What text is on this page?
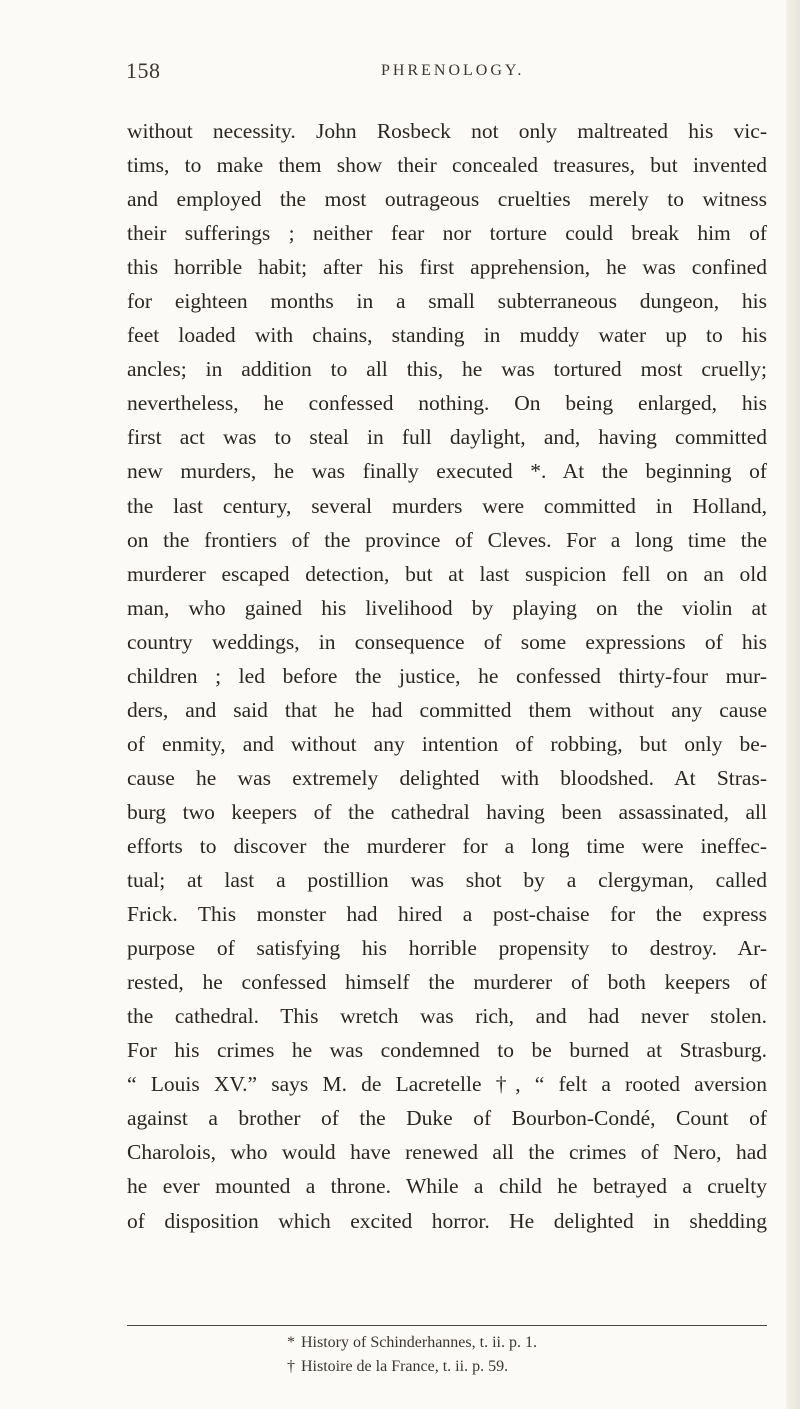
158	PHRENOLOGY.
without necessity. John Rosbeck not only maltreated his vic-
tims, to make them show their concealed treasures, but invented
and employed the most outrageous cruelties merely to witness
their sufferings ; neither fear nor torture could break him of
this horrible habit; after his first apprehension, he was confined
for eighteen months in a small subterraneous dungeon, his
feet loaded with chains, standing in muddy water up to his
ancles; in addition to all this, he was tortured most cruelly;
nevertheless, he confessed nothing. On being enlarged, his
first act was to steal in full daylight, and, having committed
new murders, he was finally executed *. At the beginning of
the last century, several murders were committed in Holland,
on the frontiers of the province of Cleves. For a long time the
murderer escaped detection, but at last suspicion fell on an old
man, who gained his livelihood by playing on the violin at
country weddings, in consequence of some expressions of his
children ; led before the justice, he confessed thirty-four mur-
ders, and said that he had committed them without any cause
of enmity, and without any intention of robbing, but only be-
cause he was extremely delighted with bloodshed. At Stras-
burg two keepers of the cathedral having been assassinated, all
efforts to discover the murderer for a long time were ineffec-
tual; at last a postillion was shot by a clergyman, called
Frick. This monster had hired a post-chaise for the express
purpose of satisfying his horrible propensity to destroy. Ar-
rested, he confessed himself the murderer of both keepers of
the cathedral. This wretch was rich, and had never stolen.
For his crimes he was condemned to be burned at Strasburg.
“ Louis XV.” says M. de Lacretelle †, “ felt a rooted aversion
against a brother of the Duke of Bourbon-Condé, Count of
Charolois, who would have renewed all the crimes of Nero, had
he ever mounted a throne. While a child he betrayed a cruelty
of disposition which excited horror. He delighted in shedding
* History of Schinderhannes, t. ii. p. 1.
† Histoire de la France, t. ii. p. 59.
